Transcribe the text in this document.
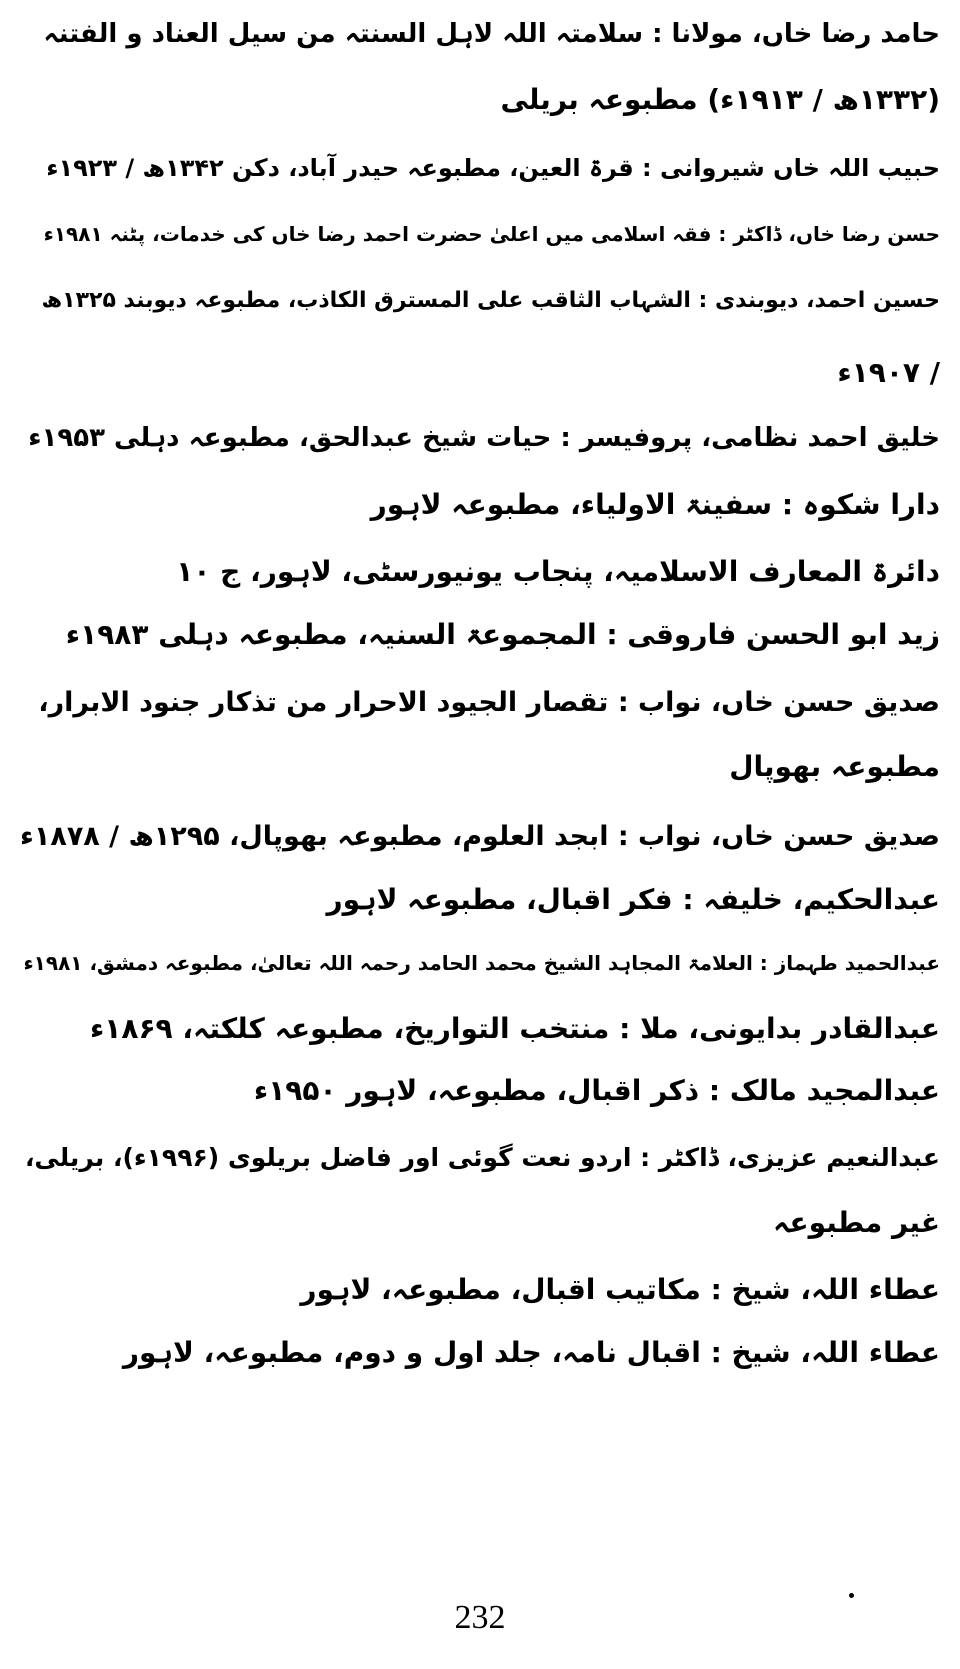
حامد رضا خاں، مولانا : سلامتہ اللہ لاہل السنتہ من سیل العناد و الفتنہ
(۱۳۳۲ھ / ۱۹۱۳ء) مطبوعہ بریلی
حبیب اللہ خاں شیروانی : قرۃ العین، مطبوعہ حیدر آباد، دکن ۱۳۴۲ھ / ۱۹۲۳ء
حسن رضا خاں، ڈاکٹر : فقہ اسلامی میں اعلیٰ حضرت احمد رضا خاں کی خدمات، پٹنہ ۱۹۸۱ء
حسین احمد، دیوبندی : الشہاب الثاقب علی المسترق الکاذب، مطبوعہ دیوبند ۱۳۲۵ھ
/ ۱۹۰۷ء
خلیق احمد نظامی، پروفیسر : حیات شیخ عبدالحق، مطبوعہ دہلی ۱۹۵۳ء
دارا شکوہ : سفینۃ الاولیاء، مطبوعہ لاہور
دائرۃ المعارف الاسلامیہ، پنجاب یونیورسٹی، لاہور، ج ۱۰
زید ابو الحسن فاروقی : المجموعۃ السنیہ، مطبوعہ دہلی ۱۹۸۳ء
صدیق حسن خاں، نواب : تقصار الجیود الاحرار من تذکار جنود الابرار،
مطبوعہ بھوپال
صدیق حسن خاں، نواب : ابجد العلوم، مطبوعہ بھوپال، ۱۲۹۵ھ / ۱۸۷۸ء
عبدالحکیم، خلیفہ : فکر اقبال، مطبوعہ لاہور
عبدالحمید طہماز : العلامۃ المجاہد الشیخ محمد الحامد رحمہ اللہ تعالیٰ، مطبوعہ دمشق، ۱۹۸۱ء
عبدالقادر بدایونی، ملا : منتخب التواریخ، مطبوعہ کلکتہ، ۱۸۶۹ء
عبدالمجید مالک : ذکر اقبال، مطبوعہ، لاہور ۱۹۵۰ء
عبدالنعیم عزیزی، ڈاکٹر : اردو نعت گوئی اور فاضل بریلوی (۱۹۹۶ء)، بریلی،
غیر مطبوعہ
عطاء اللہ، شیخ : مکاتیب اقبال، مطبوعہ، لاہور
عطاء اللہ، شیخ : اقبال نامہ، جلد اول و دوم، مطبوعہ، لاہور
232
